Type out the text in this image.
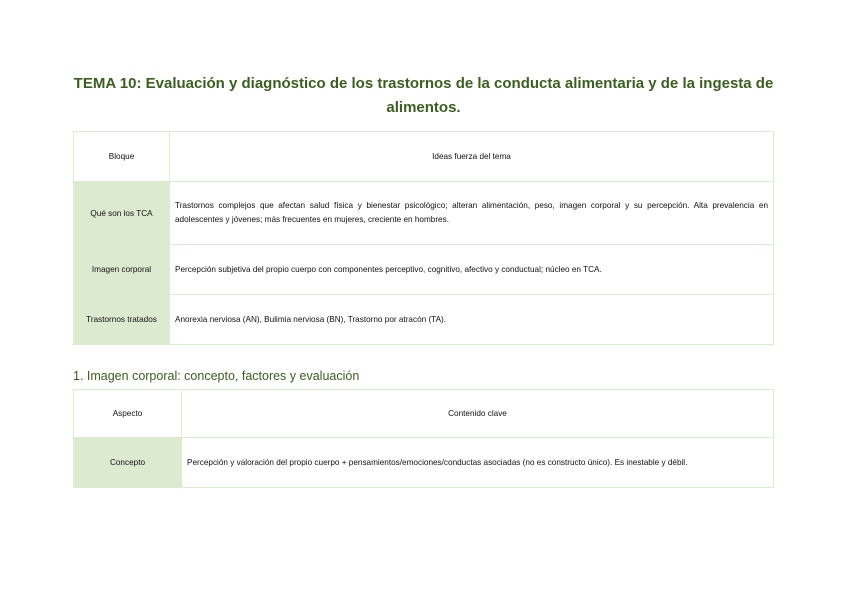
TEMA 10: Evaluación y diagnóstico de los trastornos de la conducta alimentaria y de la ingesta de alimentos.
Bloque	Ideas fuerza del tema
Qué son los TCA	Trastornos complejos que afectan salud física y bienestar psicológico; alteran alimentación, peso, imagen corporal y su percepción. Alta prevalencia en adolescentes y jóvenes; más frecuentes en mujeres, creciente en hombres.
Imagen corporal	Percepción subjetiva del propio cuerpo con componentes perceptivo, cognitivo, afectivo y conductual; núcleo en TCA.
Trastornos tratados	Anorexia nerviosa (AN), Bulimia nerviosa (BN), Trastorno por atracón (TA).
1. Imagen corporal: concepto, factores y evaluación
Aspecto	Contenido clave
Concepto	Percepción y valoración del propio cuerpo + pensamientos/emociones/conductas asociadas (no es constructo único). Es inestable y débil.
